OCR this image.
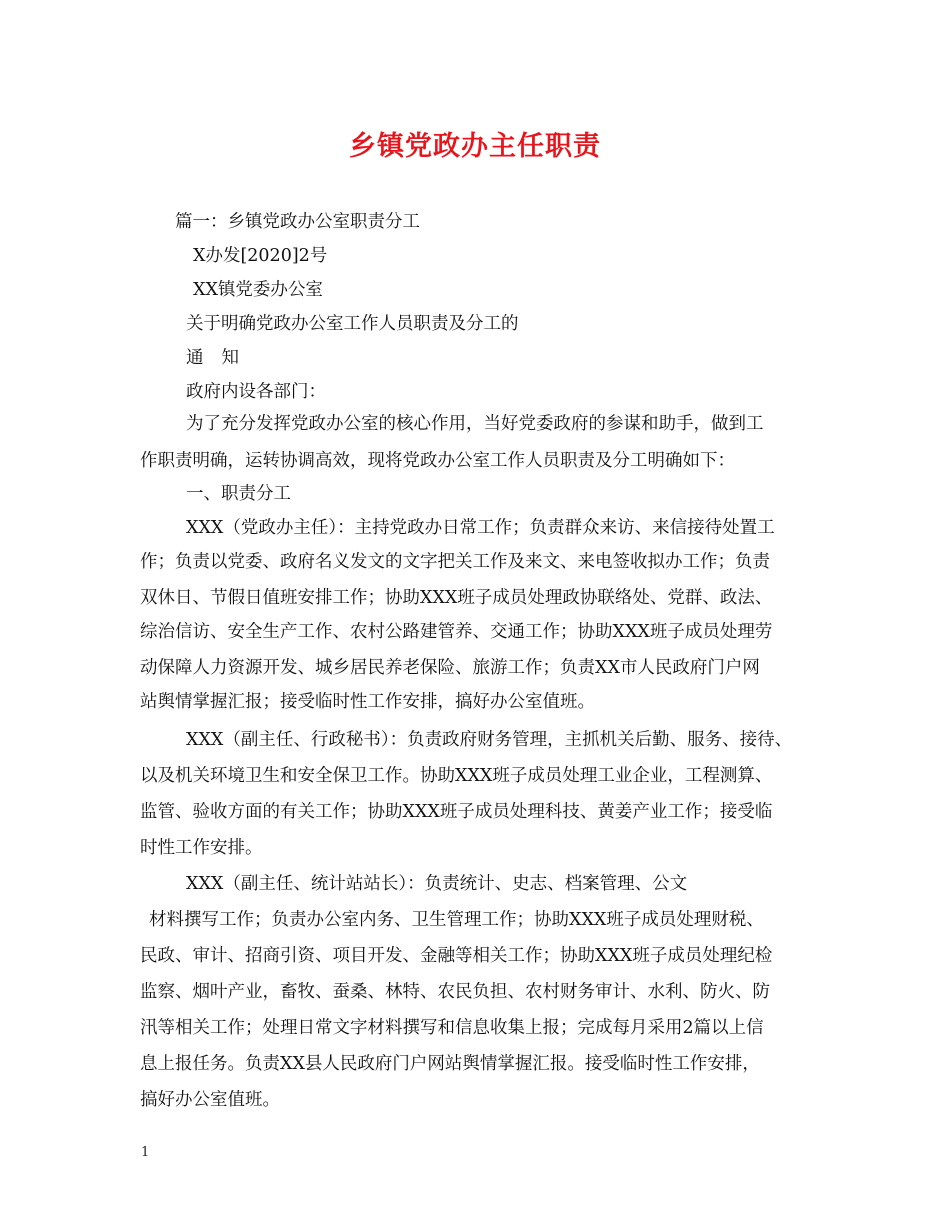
乡镇党政办主任职责
篇一：乡镇党政办公室职责分工
X办发[2020]2号
XX镇党委办公室
关于明确党政办公室工作人员职责及分工的
通 知
政府内设各部门：
为了充分发挥党政办公室的核心作用，当好党委政府的参谋和助手，做到工
作职责明确，运转协调高效，现将党政办公室工作人员职责及分工明确如下：
一、职责分工
XXX（党政办主任）：主持党政办日常工作；负责群众来访、来信接待处置工
作；负责以党委、政府名义发文的文字把关工作及来文、来电签收拟办工作；负责
双休日、节假日值班安排工作；协助XXX班子成员处理政协联络处、党群、政法、
综治信访、安全生产工作、农村公路建管养、交通工作；协助XXX班子成员处理劳
动保障人力资源开发、城乡居民养老保险、旅游工作；负责XX市人民政府门户网
站舆情掌握汇报；接受临时性工作安排，搞好办公室值班。
XXX（副主任、行政秘书）：负责政府财务管理，主抓机关后勤、服务、接待、
以及机关环境卫生和安全保卫工作。协助XXX班子成员处理工业企业，工程测算、
监管、验收方面的有关工作；协助XXX班子成员处理科技、黄姜产业工作；接受临
时性工作安排。
XXX（副主任、统计站站长）：负责统计、史志、档案管理、公文
材料撰写工作；负责办公室内务、卫生管理工作；协助XXX班子成员处理财税、
民政、审计、招商引资、项目开发、金融等相关工作；协助XXX班子成员处理纪检
监察、烟叶产业，畜牧、蚕桑、林特、农民负担、农村财务审计、水利、防火、防
汛等相关工作；处理日常文字材料撰写和信息收集上报；完成每月采用2篇以上信
息上报任务。负责XX县人民政府门户网站舆情掌握汇报。接受临时性工作安排，
搞好办公室值班。
1
